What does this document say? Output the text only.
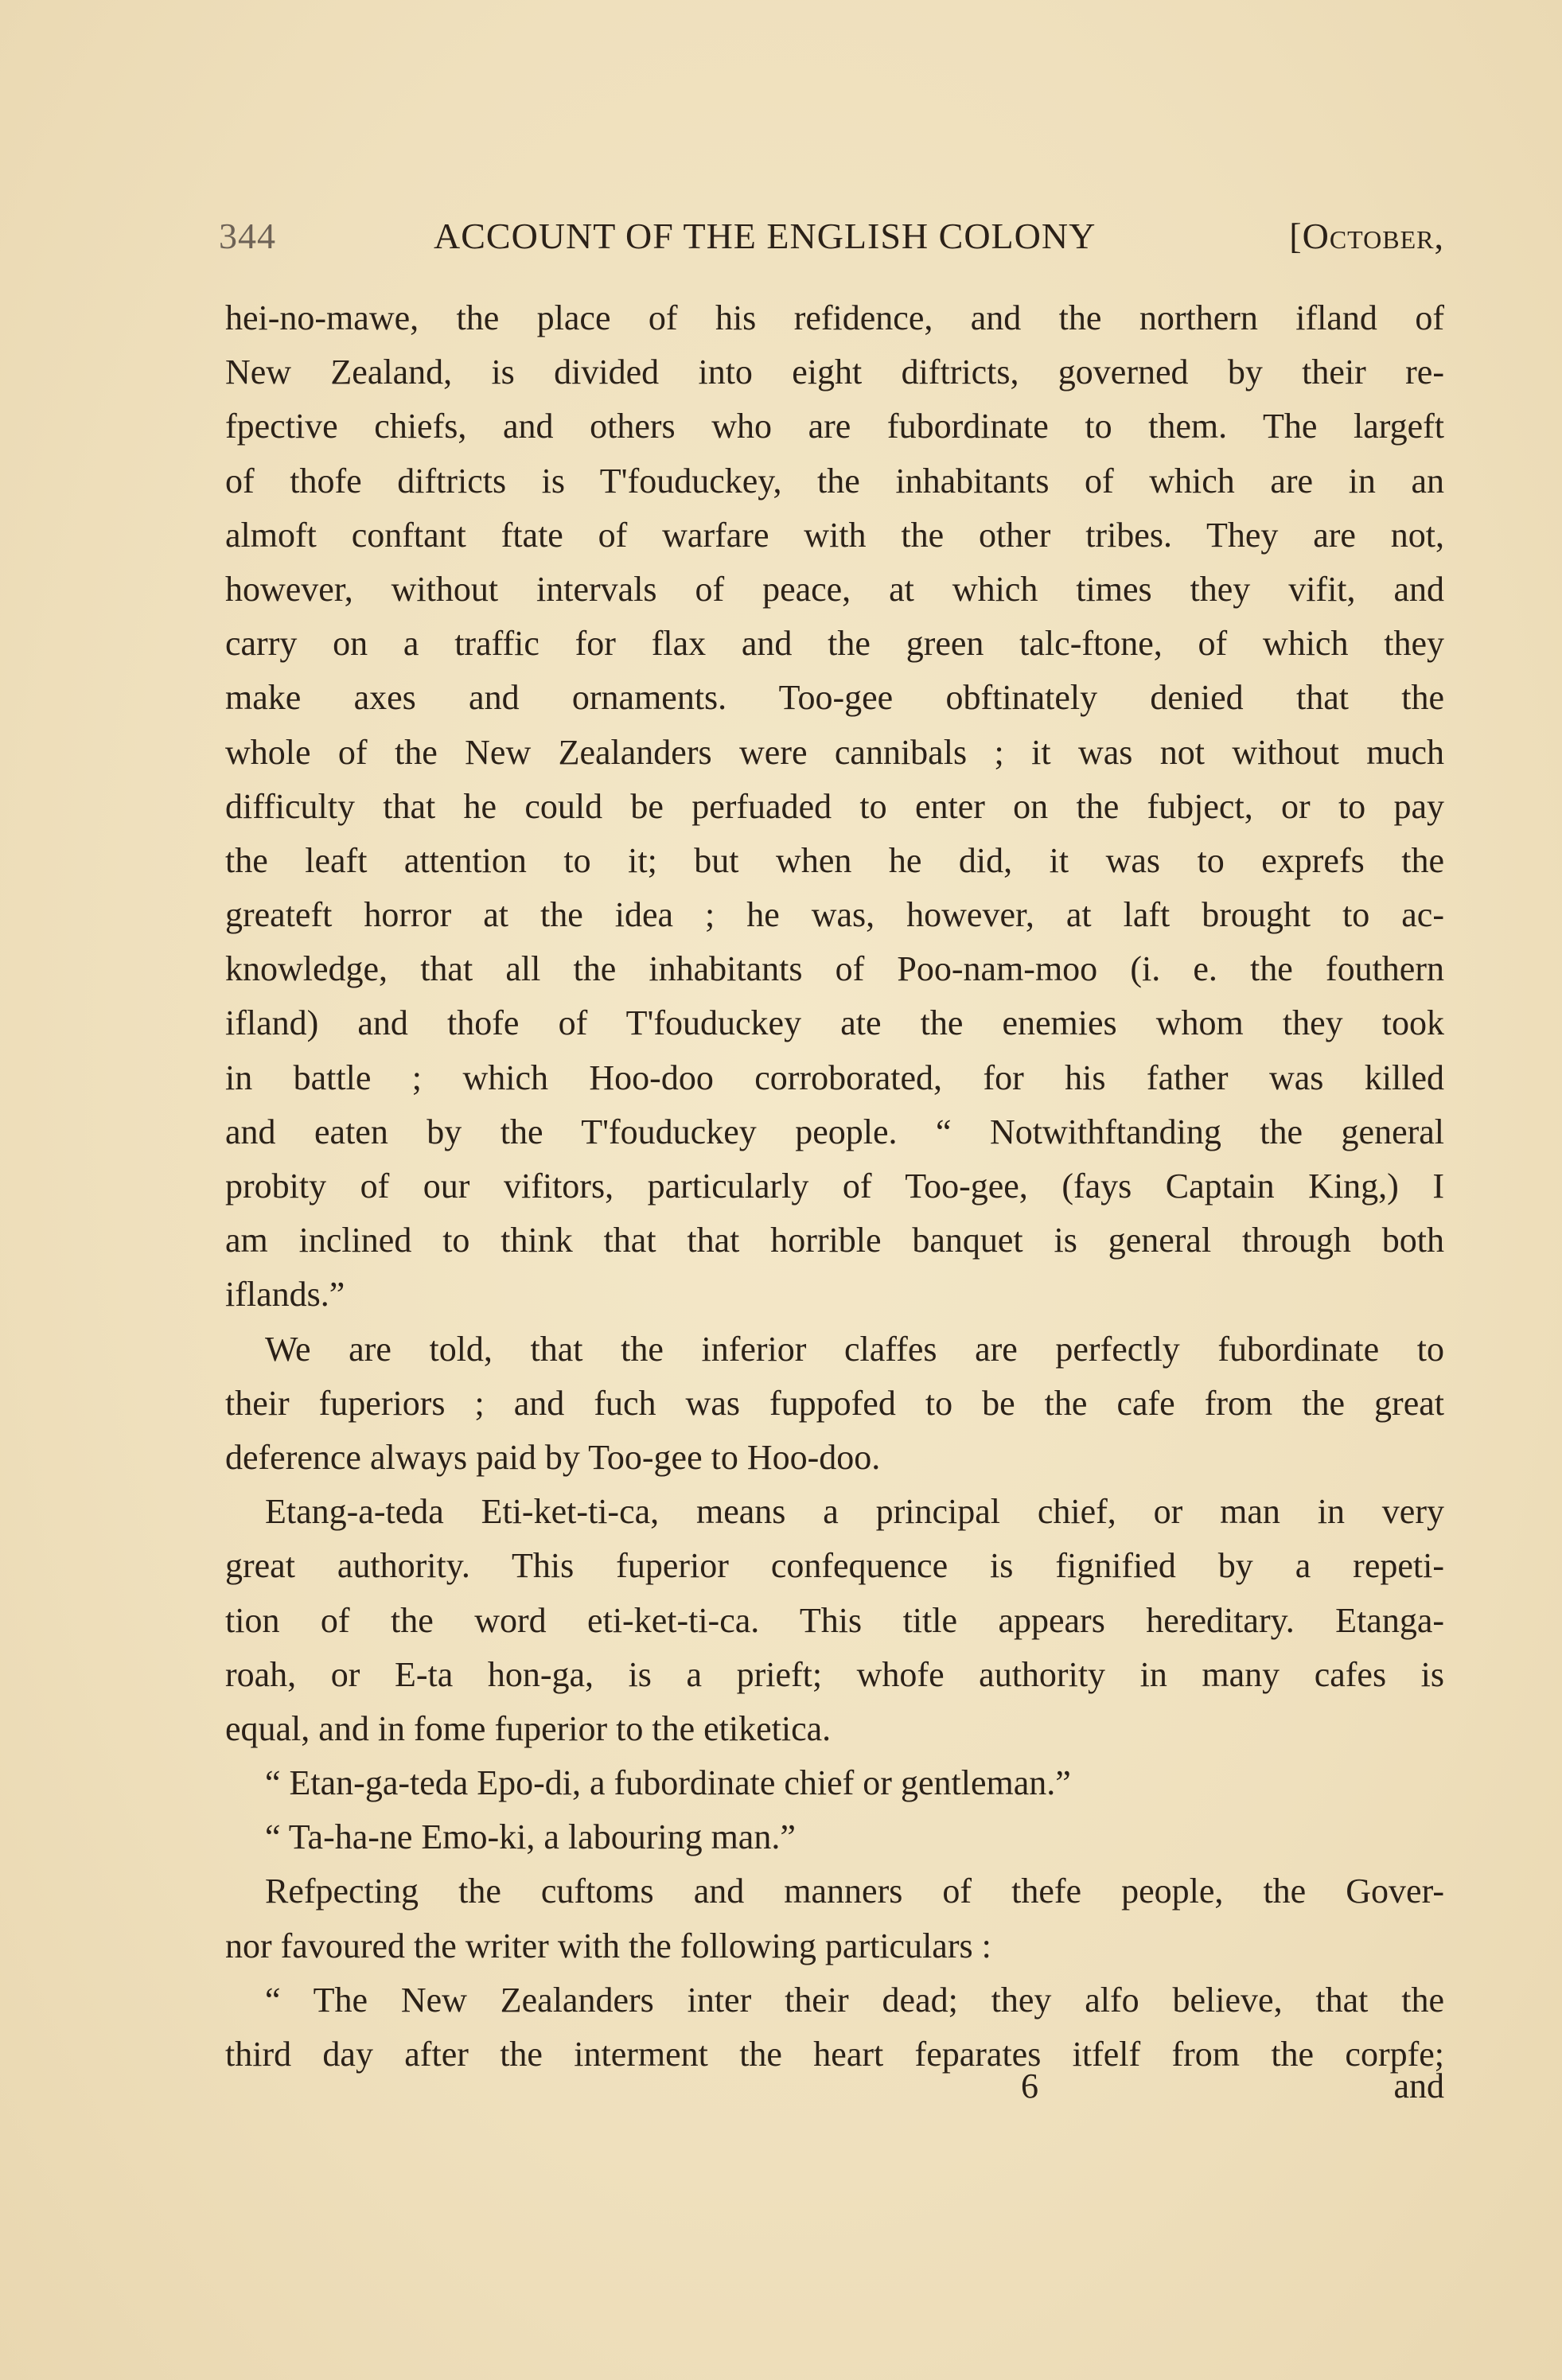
344	ACCOUNT OF THE ENGLISH COLONY	[October,
hei-no-mawe, the place of his refidence, and the northern ifland of
New Zealand, is divided into eight diftricts, governed by their re-
fpective chiefs, and others who are fubordinate to them. The largeft
of thofe diftricts is T'fouduckey, the inhabitants of which are in an
almoft conftant ftate of warfare with the other tribes. They are not,
however, without intervals of peace, at which times they vifit, and
carry on a traffic for flax and the green talc-ftone, of which they
make axes and ornaments. Too-gee obftinately denied that the
whole of the New Zealanders were cannibals ; it was not without much
difficulty that he could be perfuaded to enter on the fubject, or to pay
the leaft attention to it; but when he did, it was to exprefs the
greateft horror at the idea ; he was, however, at laft brought to ac-
knowledge, that all the inhabitants of Poo-nam-moo (i. e. the fouthern
ifland) and thofe of T'fouduckey ate the enemies whom they took
in battle ; which Hoo-doo corroborated, for his father was killed
and eaten by the T'fouduckey people. “ Notwithftanding the general
probity of our vifitors, particularly of Too-gee, (fays Captain King,) I
am inclined to think that that horrible banquet is general through both
iflands.”
We are told, that the inferior claffes are perfectly fubordinate to
their fuperiors ; and fuch was fuppofed to be the cafe from the great
deference always paid by Too-gee to Hoo-doo.
Etang-a-teda Eti-ket-ti-ca, means a principal chief, or man in very
great authority. This fuperior confequence is fignified by a repeti-
tion of the word eti-ket-ti-ca. This title appears hereditary. Etanga-
roah, or E-ta hon-ga, is a prieft; whofe authority in many cafes is
equal, and in fome fuperior to the etiketica.
“ Etan-ga-teda Epo-di, a fubordinate chief or gentleman.”
“ Ta-ha-ne Emo-ki, a labouring man.”
Refpecting the cuftoms and manners of thefe people, the Gover-
nor favoured the writer with the following particulars :
“ The New Zealanders inter their dead; they alfo believe, that the
third day after the interment the heart feparates itfelf from the corpfe;
6	and
